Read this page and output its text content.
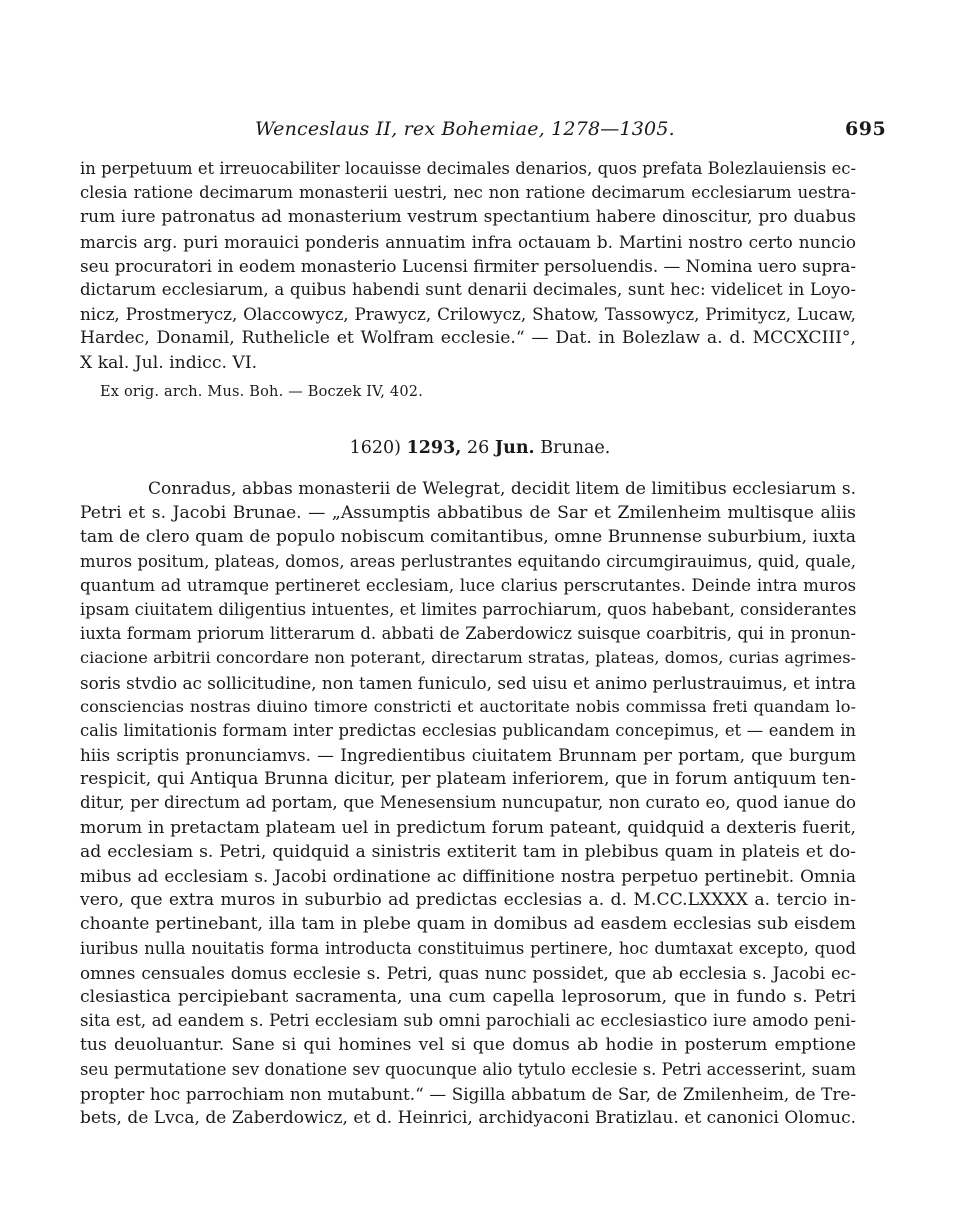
Wenceslaus II, rex Bohemiae, 1278—1305.	695
in perpetuum et irreuocabiliter locauisse decimales denarios, quos prefata Bolezlauiensis ec-
clesia ratione decimarum monasterii uestri, nec non ratione decimarum ecclesiarum uestra-
rum iure patronatus ad monasterium vestrum spectantium habere dinoscitur, pro duabus
marcis arg. puri morauici ponderis annuatim infra octauam b. Martini nostro certo nuncio
seu procuratori in eodem monasterio Lucensi firmiter persoluendis. — Nomina uero supra-
dictarum ecclesiarum, a quibus habendi sunt denarii decimales, sunt hec: videlicet in Loyo-
nicz, Prostmerycz, Olaccowycz, Prawycz, Crilowycz, Shatow, Tassowycz, Primitycz, Lucaw,
Hardec, Donamil, Ruthelicle et Wolfram ecclesie.“ — Dat. in Bolezlaw a. d. MCCXCIII°,
X kal. Jul. indicc. VI.
Ex orig. arch. Mus. Boh. — Boczek IV, 402.
1620) 1293, 26 Jun. Brunae.
Conradus, abbas monasterii de Welegrat, decidit litem de limitibus ecclesiarum s.
Petri et s. Jacobi Brunae. — „Assumptis abbatibus de Sar et Zmilenheim multisque aliis
tam de clero quam de populo nobiscum comitantibus, omne Brunnense suburbium, iuxta
muros positum, plateas, domos, areas perlustrantes equitando circumgirauimus, quid, quale,
quantum ad utramque pertineret ecclesiam, luce clarius perscrutantes. Deinde intra muros
ipsam ciuitatem diligentius intuentes, et limites parrochiarum, quos habebant, considerantes
iuxta formam priorum litterarum d. abbati de Zaberdowicz suisque coarbitris, qui in pronun-
ciacione arbitrii concordare non poterant, directarum stratas, plateas, domos, curias agrimes-
soris stvdio ac sollicitudine, non tamen funiculo, sed uisu et animo perlustrauimus, et intra
consciencias nostras diuino timore constricti et auctoritate nobis commissa freti quandam lo-
calis limitationis formam inter predictas ecclesias publicandam concepimus, et — eandem in
hiis scriptis pronunciamvs. — Ingredientibus ciuitatem Brunnam per portam, que burgum
respicit, qui Antiqua Brunna dicitur, per plateam inferiorem, que in forum antiquum ten-
ditur, per directum ad portam, que Menesensium nuncupatur, non curato eo, quod ianue do
morum in pretactam plateam uel in predictum forum pateant, quidquid a dexteris fuerit,
ad ecclesiam s. Petri, quidquid a sinistris extiterit tam in plebibus quam in plateis et do-
mibus ad ecclesiam s. Jacobi ordinatione ac diffinitione nostra perpetuo pertinebit. Omnia
vero, que extra muros in suburbio ad predictas ecclesias a. d. M.CC.LXXXX a. tercio in-
choante pertinebant, illa tam in plebe quam in domibus ad easdem ecclesias sub eisdem
iuribus nulla nouitatis forma introducta constituimus pertinere, hoc dumtaxat excepto, quod
omnes censuales domus ecclesie s. Petri, quas nunc possidet, que ab ecclesia s. Jacobi ec-
clesiastica percipiebant sacramenta, una cum capella leprosorum, que in fundo s. Petri
sita est, ad eandem s. Petri ecclesiam sub omni parochiali ac ecclesiastico iure amodo peni-
tus deuoluantur. Sane si qui homines vel si que domus ab hodie in posterum emptione
seu permutatione sev donatione sev quocunque alio tytulo ecclesie s. Petri accesserint, suam
propter hoc parrochiam non mutabunt.“ — Sigilla abbatum de Sar, de Zmilenheim, de Tre-
bets, de Lvca, de Zaberdowicz, et d. Heinrici, archidyaconi Bratizlau. et canonici Olomuc.
